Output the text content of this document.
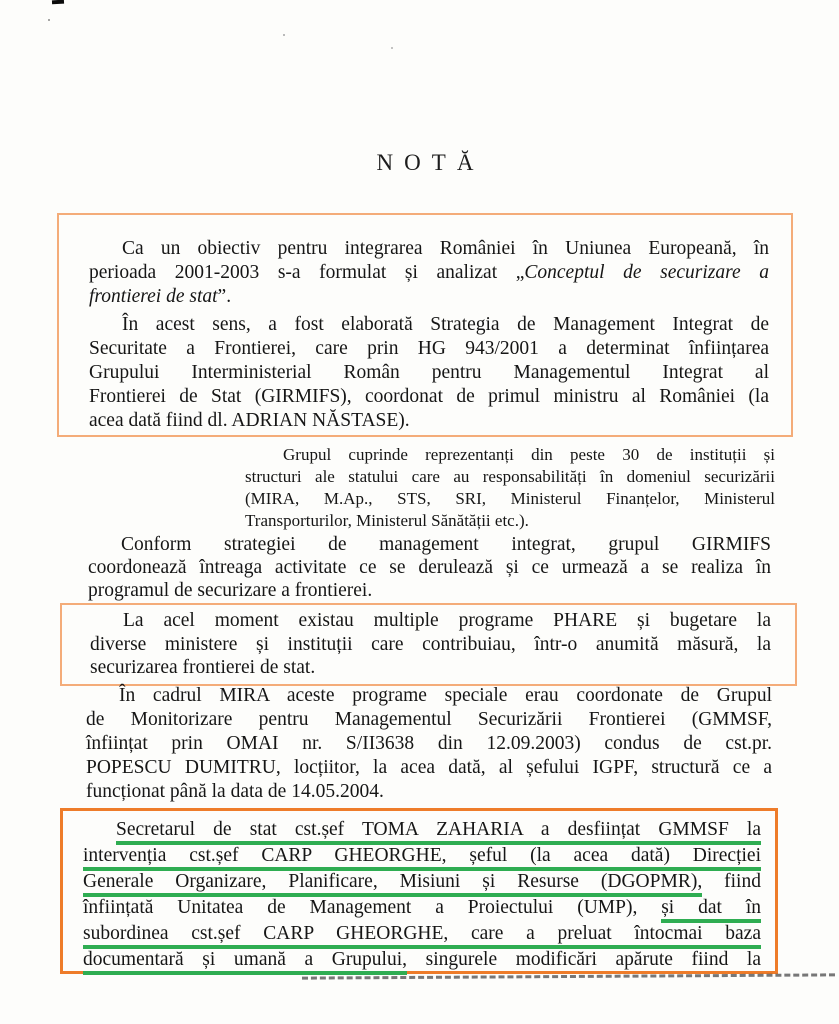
NOTĂ
Ca un obiectiv pentru integrarea României în Uniunea Europeană, în
perioada 2001-2003 s-a formulat și analizat „Conceptul de securizare a
frontierei de stat”.
În acest sens, a fost elaborată Strategia de Management Integrat de
Securitate a Frontierei, care prin HG 943/2001 a determinat înființarea
Grupului Interministerial Român pentru Managementul Integrat al
Frontierei de Stat (GIRMIFS), coordonat de primul ministru al României (la
acea dată fiind dl. ADRIAN NĂSTASE).
Grupul cuprinde reprezentanți din peste 30 de instituții și
structuri ale statului care au responsabilități în domeniul securizării
(MIRA, M.Ap., STS, SRI, Ministerul Finanțelor, Ministerul
Transporturilor, Ministerul Sănătății etc.).
Conform strategiei de management integrat, grupul GIRMIFS
coordonează întreaga activitate ce se derulează și ce urmează a se realiza în
programul de securizare a frontierei.
La acel moment existau multiple programe PHARE și bugetare la
diverse ministere și instituții care contribuiau, într-o anumită măsură, la
securizarea frontierei de stat.
În cadrul MIRA aceste programe speciale erau coordonate de Grupul
de Monitorizare pentru Managementul Securizării Frontierei (GMMSF,
înființat prin OMAI nr. S/II3638 din 12.09.2003) condus de cst.pr.
POPESCU DUMITRU, locțiitor, la acea dată, al șefului IGPF, structură ce a
funcționat până la data de 14.05.2004.
Secretarul de stat cst.șef TOMA ZAHARIA a desființat GMMSF la
intervenția cst.șef CARP GHEORGHE, șeful (la acea dată) Direcției
Generale Organizare, Planificare, Misiuni și Resurse (DGOPMR), fiind
înființată Unitatea de Management a Proiectului (UMP), și dat în
subordinea cst.șef CARP GHEORGHE, care a preluat întocmai baza
documentară și umană a Grupului, singurele modificări apărute fiind la
